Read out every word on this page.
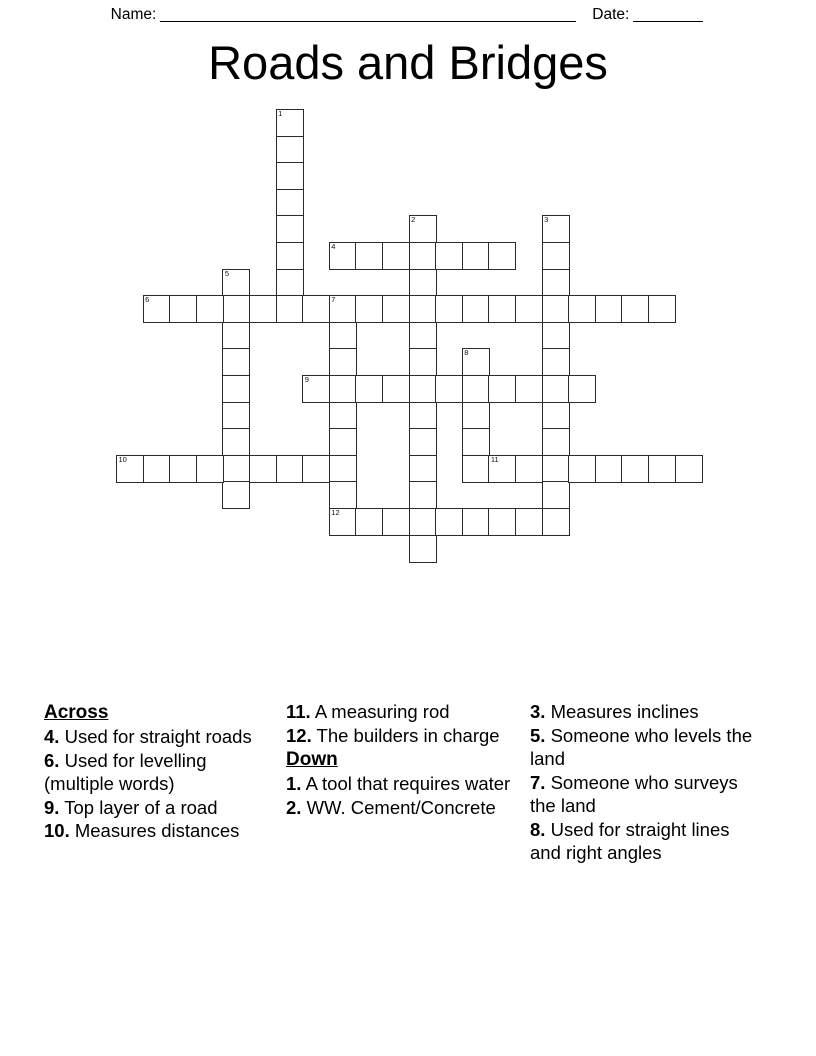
Name:	Date:
Roads and Bridges
1
2	3
4
5
6	7
12
8
9
10	11
Across

4. Used for straight roads

6. Used for levelling (multiple words)

9. Top layer of a road

10. Measures distances

11. A measuring rod

12. The builders in charge

Down

1. A tool that requires water

2. WW. Cement/Concrete

3. Measures inclines

5. Someone who levels the land

7. Someone who surveys the land

8. Used for straight lines and right angles
